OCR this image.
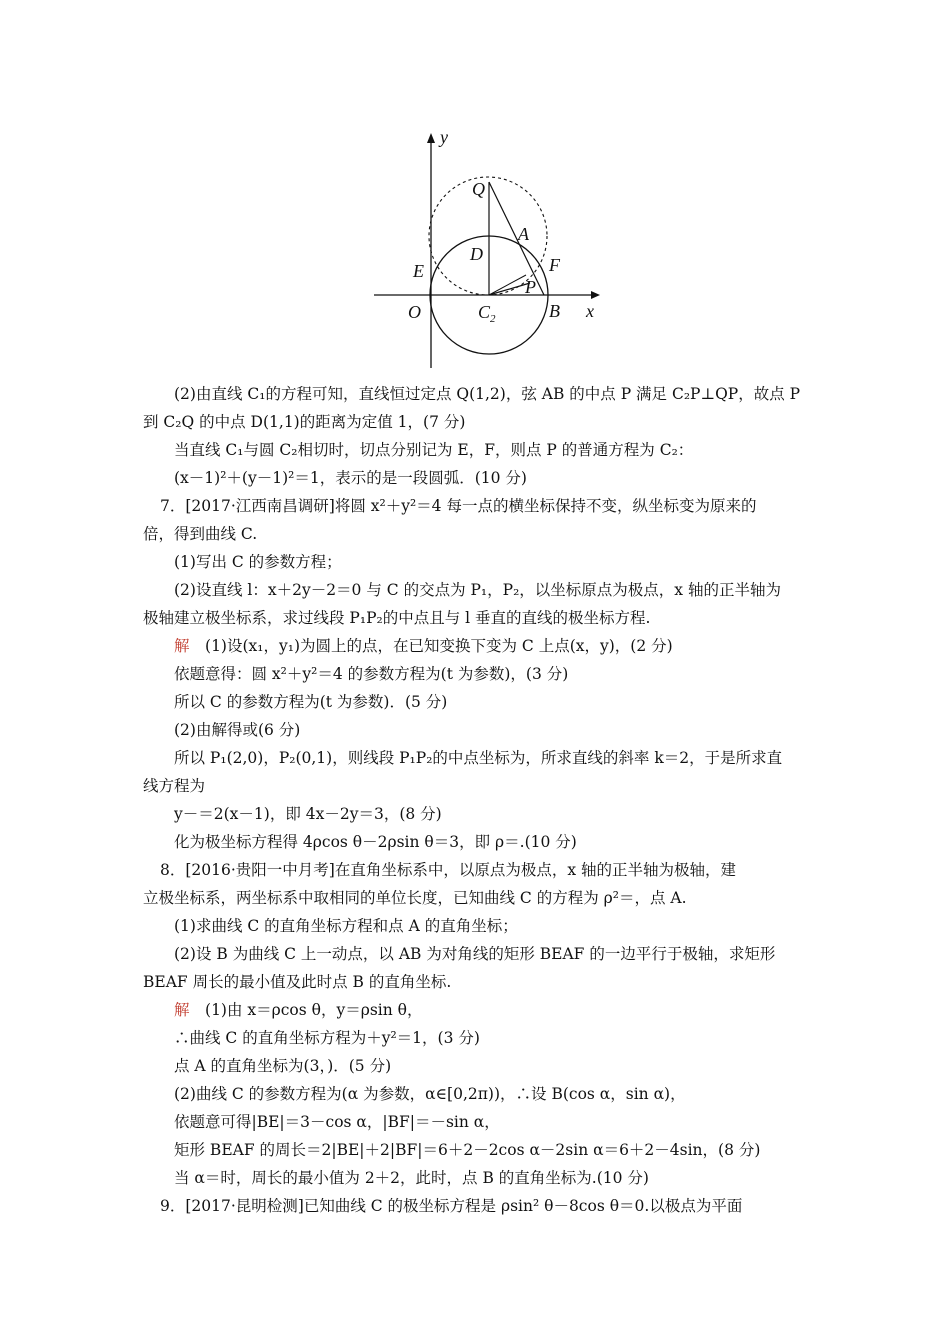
y
x
Q
A
D
E	F
P
O	$C_2$	B
(2)由直线 C₁的方程可知，直线恒过定点 Q(1,2)，弦 AB 的中点 P 满足 C₂P⊥QP，故点 P
到 C₂Q 的中点 D(1,1)的距离为定值 1，(7 分)
当直线 C₁与圆 C₂相切时，切点分别记为 E，F，则点 P 的普通方程为 C₂：
(x－1)²＋(y－1)²＝1，表示的是一段圆弧．(10 分)
7．[2017·江西南昌调研]将圆 x²＋y²＝4 每一点的横坐标保持不变，纵坐标变为原来的
倍，得到曲线 C.
(1)写出 C 的参数方程；
(2)设直线 l：x＋2y－2＝0 与 C 的交点为 P₁，P₂，以坐标原点为极点，x 轴的正半轴为
极轴建立极坐标系，求过线段 P₁P₂的中点且与 l 垂直的直线的极坐标方程.
解　(1)设(x₁，y₁)为圆上的点，在已知变换下变为 C 上点(x，y)，(2 分)
依题意得：圆 x²＋y²＝4 的参数方程为(t 为参数)，(3 分)
所以 C 的参数方程为(t 为参数)．(5 分)
(2)由解得或(6 分)
所以 P₁(2,0)，P₂(0,1)，则线段 P₁P₂的中点坐标为，所求直线的斜率 k＝2，于是所求直
线方程为
y－＝2(x－1)，即 4x－2y＝3，(8 分)
化为极坐标方程得 4ρcos θ－2ρsin θ＝3，即 ρ＝.(10 分)
8．[2016·贵阳一中月考]在直角坐标系中，以原点为极点，x 轴的正半轴为极轴，建
立极坐标系，两坐标系中取相同的单位长度，已知曲线 C 的方程为 ρ²＝，点 A.
(1)求曲线 C 的直角坐标方程和点 A 的直角坐标；
(2)设 B 为曲线 C 上一动点，以 AB 为对角线的矩形 BEAF 的一边平行于极轴，求矩形
BEAF 周长的最小值及此时点 B 的直角坐标.
解　(1)由 x＝ρcos θ，y＝ρsin θ，
∴曲线 C 的直角坐标方程为＋y²＝1，(3 分)
点 A 的直角坐标为(3，)．(5 分)
(2)曲线 C 的参数方程为(α 为参数，α∈[0,2π))，∴设 B(cos α，sin α)，
依题意可得|BE|＝3－cos α，|BF|＝－sin α，
矩形 BEAF 的周长＝2|BE|＋2|BF|＝6＋2－2cos α－2sin α＝6＋2－4sin，(8 分)
当 α＝时，周长的最小值为 2＋2，此时，点 B 的直角坐标为.(10 分)
9．[2017·昆明检测]已知曲线 C 的极坐标方程是 ρsin² θ－8cos θ＝0.以极点为平面
